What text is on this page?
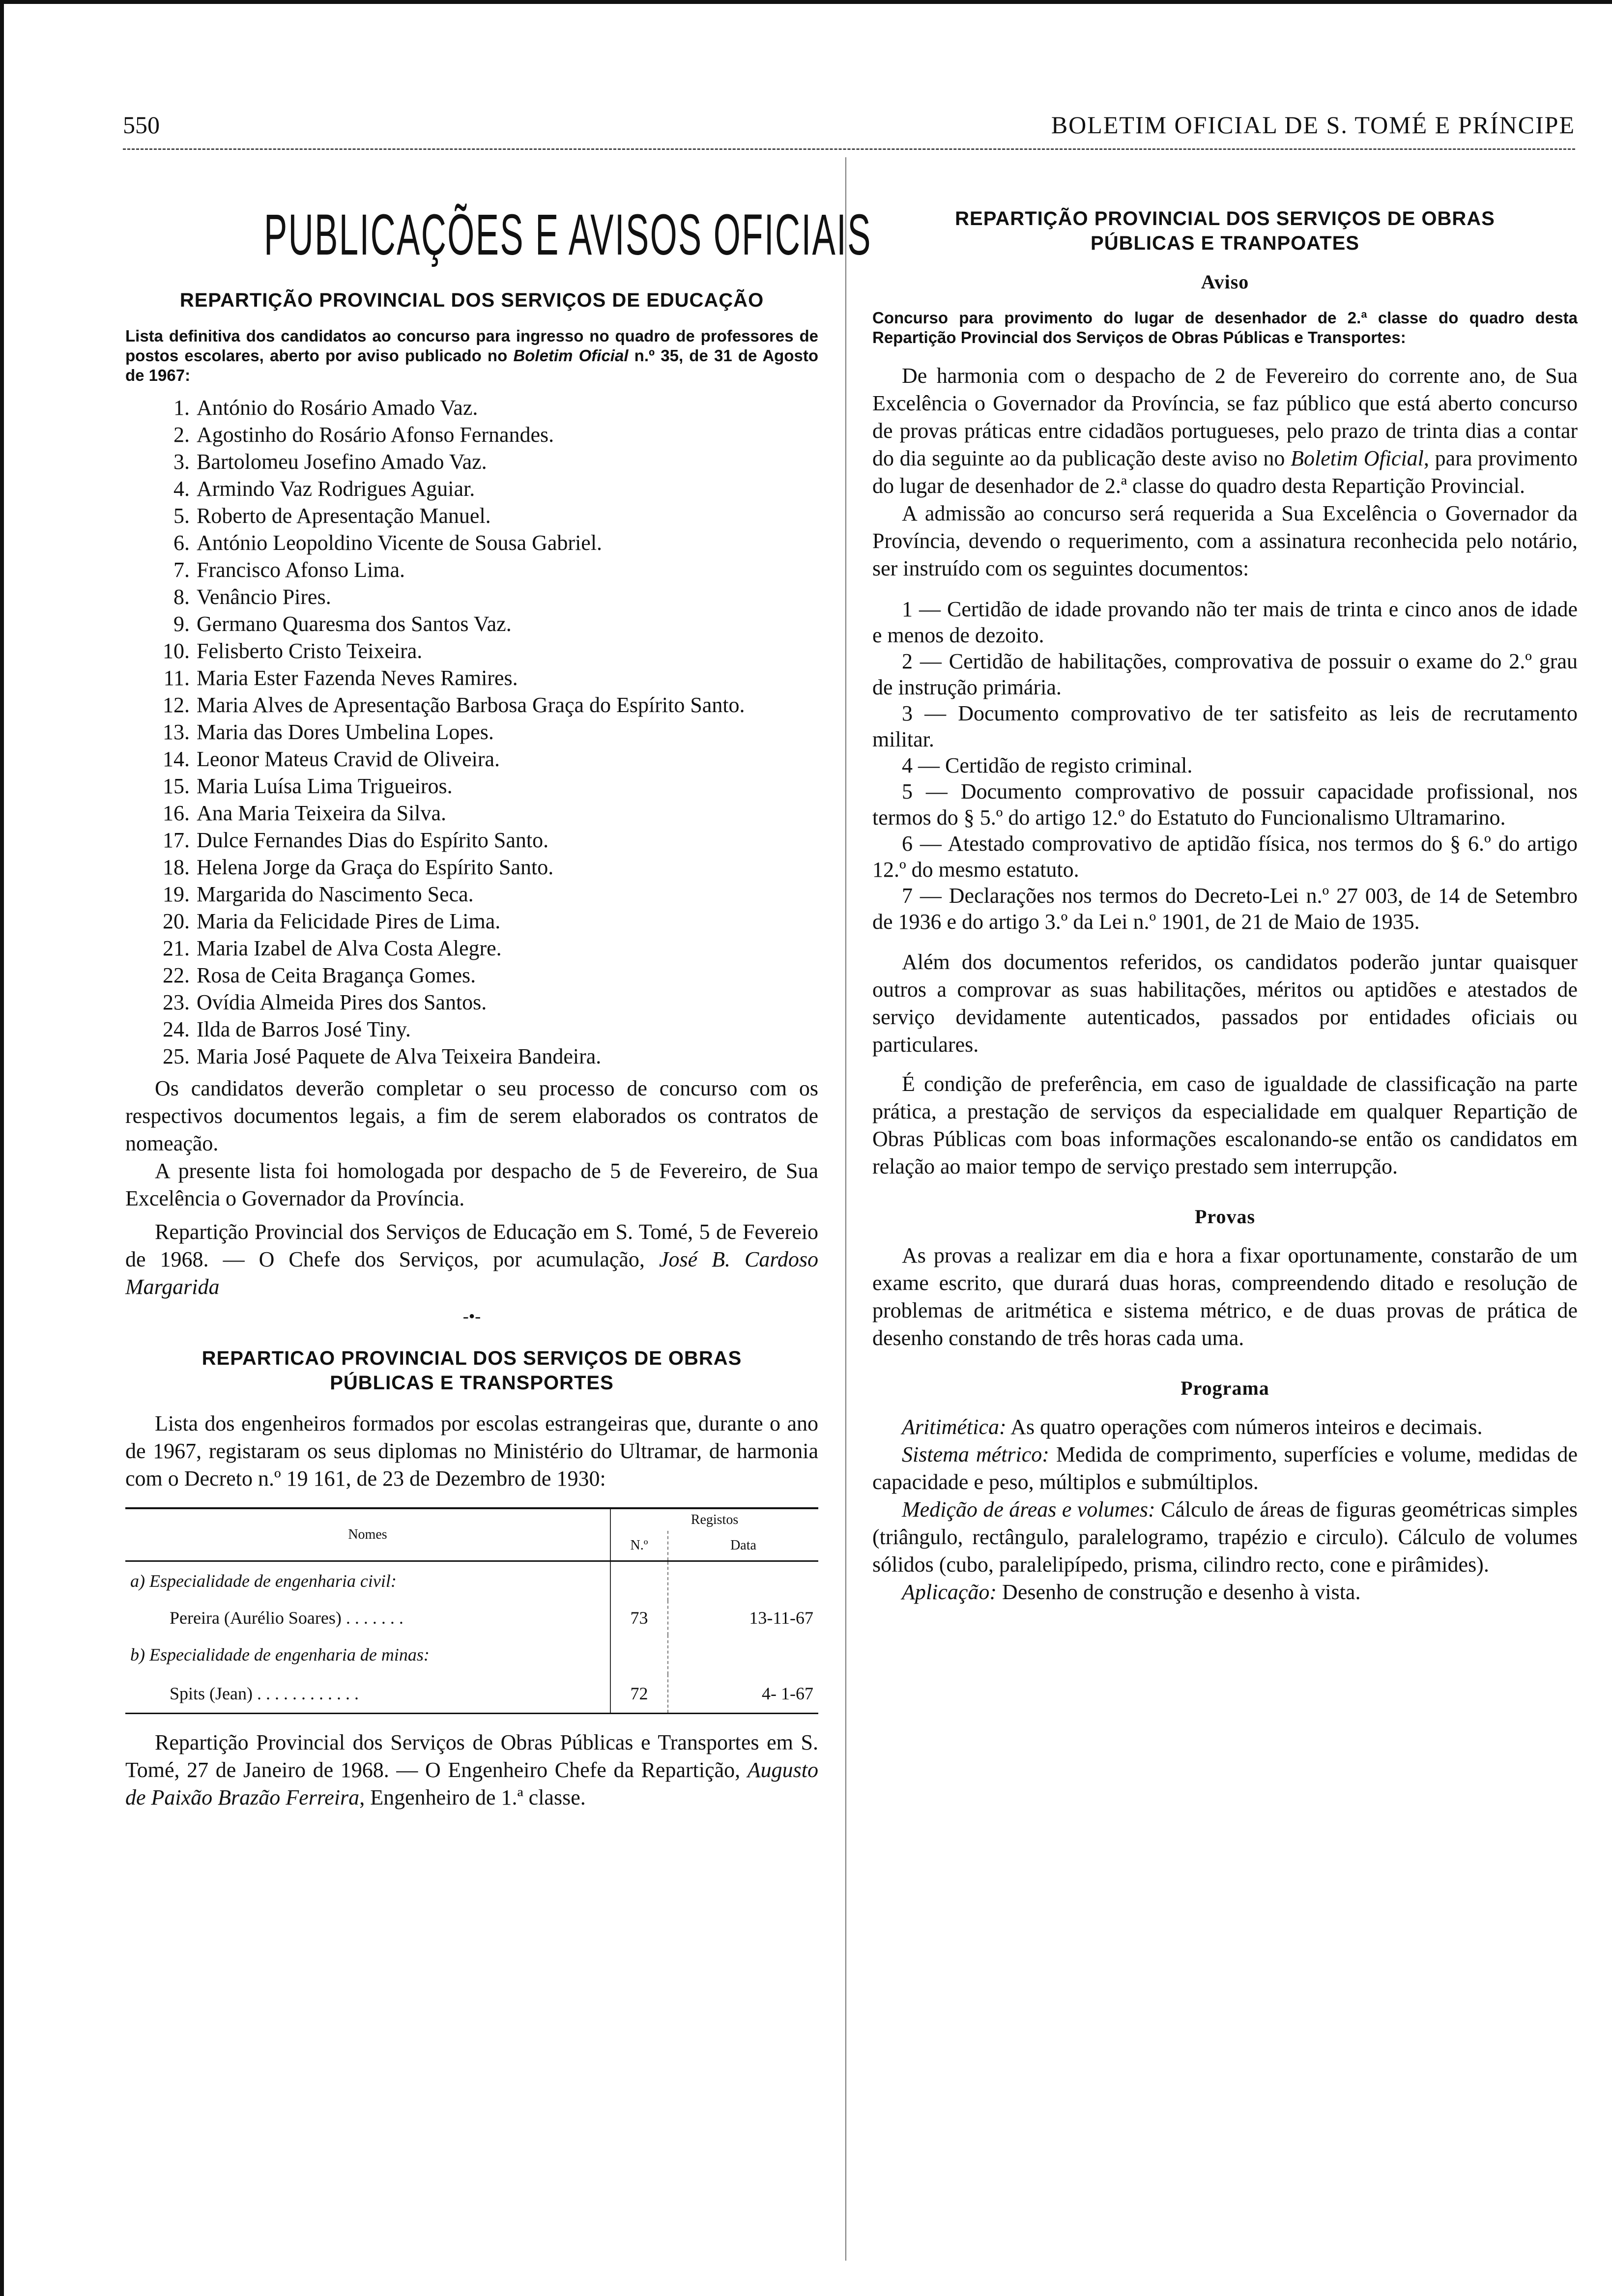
550	BOLETIM OFICIAL DE S. TOMÉ E PRÍNCIPE
PUBLICAÇÕES E AVISOS OFICIAIS
REPARTIÇÃO PROVINCIAL DOS SERVIÇOS DE EDUCAÇÃO

Lista definitiva dos candidatos ao concurso para ingresso no quadro de professores de postos escolares, aberto por aviso publicado no Boletim Oficial n.º 35, de 31 de Agosto de 1967:

1. António do Rosário Amado Vaz.
2. Agostinho do Rosário Afonso Fernandes.
3. Bartolomeu Josefino Amado Vaz.
4. Armindo Vaz Rodrigues Aguiar.
5. Roberto de Apresentação Manuel.
6. António Leopoldino Vicente de Sousa Gabriel.
7. Francisco Afonso Lima.
8. Venâncio Pires.
9. Germano Quaresma dos Santos Vaz.
10. Felisberto Cristo Teixeira.
11. Maria Ester Fazenda Neves Ramires.
12. Maria Alves de Apresentação Barbosa Graça do Espírito Santo.
13. Maria das Dores Umbelina Lopes.
14. Leonor Mateus Cravid de Oliveira.
15. Maria Luísa Lima Trigueiros.
16. Ana Maria Teixeira da Silva.
17. Dulce Fernandes Dias do Espírito Santo.
18. Helena Jorge da Graça do Espírito Santo.
19. Margarida do Nascimento Seca.
20. Maria da Felicidade Pires de Lima.
21. Maria Izabel de Alva Costa Alegre.
22. Rosa de Ceita Bragança Gomes.
23. Ovídia Almeida Pires dos Santos.
24. Ilda de Barros José Tiny.
25. Maria José Paquete de Alva Teixeira Bandeira.

Os candidatos deverão completar o seu processo de concurso com os respectivos documentos legais, a fim de serem elaborados os contratos de nomeação.

A presente lista foi homologada por despacho de 5 de Fevereiro, de Sua Excelência o Governador da Província.

Repartição Provincial dos Serviços de Educação em S. Tomé, 5 de Fevereio de 1968. — O Chefe dos Serviços, por acumulação, José B. Cardoso Margarida

-•-
REPARTICAO PROVINCIAL DOS SERVIÇOS DE OBRAS
PÚBLICAS E TRANSPORTES

Lista dos engenheiros formados por escolas estrangeiras que, durante o ano de 1967, registaram os seus diplomas no Ministério do Ultramar, de harmonia com o Decreto n.º 19 161, de 23 de Dezembro de 1930:

Nomes	Registos	
	N.º	Data
a) Especialidade de engenharia civil:		
Pereira (Aurélio Soares) . . . . . . .	73	13-11-67
b) Especialidade de engenharia de minas:		
Spits (Jean) . . . . . . . . . . . .	72	4- 1-67

Repartição Provincial dos Serviços de Obras Públicas e Transportes em S. Tomé, 27 de Janeiro de 1968. — O Engenheiro Chefe da Repartição, Augusto de Paixão Brazão Ferreira, Engenheiro de 1.ª classe.

REPARTIÇÃO PROVINCIAL DOS SERVIÇOS DE OBRAS
PÚBLICAS E TRANPOATES
Aviso

Concurso para provimento do lugar de desenhador de 2.ª classe do quadro desta Repartição Provincial dos Serviços de Obras Públicas e Transportes:

De harmonia com o despacho de 2 de Fevereiro do corrente ano, de Sua Excelência o Governador da Província, se faz público que está aberto concurso de provas práticas entre cidadãos portugueses, pelo prazo de trinta dias a contar do dia seguinte ao da publicação deste aviso no Boletim Oficial, para provimento do lugar de desenhador de 2.ª classe do quadro desta Repartição Provincial.

A admissão ao concurso será requerida a Sua Excelência o Governador da Província, devendo o requerimento, com a assinatura reconhecida pelo notário, ser instruído com os seguintes documentos:

1 — Certidão de idade provando não ter mais de trinta e cinco anos de idade e menos de dezoito.

2 — Certidão de habilitações, comprovativa de possuir o exame do 2.º grau de instrução primária.

3 — Documento comprovativo de ter satisfeito as leis de recrutamento militar.

4 — Certidão de registo criminal.

5 — Documento comprovativo de possuir capacidade profissional, nos termos do § 5.º do artigo 12.º do Estatuto do Funcionalismo Ultramarino.

6 — Atestado comprovativo de aptidão física, nos termos do § 6.º do artigo 12.º do mesmo estatuto.

7 — Declarações nos termos do Decreto-Lei n.º 27 003, de 14 de Setembro de 1936 e do artigo 3.º da Lei n.º 1901, de 21 de Maio de 1935.

Além dos documentos referidos, os candidatos poderão juntar quaisquer outros a comprovar as suas habilitações, méritos ou aptidões e atestados de serviço devidamente autenticados, passados por entidades oficiais ou particulares.

É condição de preferência, em caso de igualdade de classificação na parte prática, a prestação de serviços da especialidade em qualquer Repartição de Obras Públicas com boas informações escalonando-se então os candidatos em relação ao maior tempo de serviço prestado sem interrupção.

Provas

As provas a realizar em dia e hora a fixar oportunamente, constarão de um exame escrito, que durará duas horas, compreendendo ditado e resolução de problemas de aritmética e sistema métrico, e de duas provas de prática de desenho constando de três horas cada uma.

Programa

Aritimética: As quatro operações com números inteiros e decimais.

Sistema métrico: Medida de comprimento, superfícies e volume, medidas de capacidade e peso, múltiplos e submúltiplos.

Medição de áreas e volumes: Cálculo de áreas de figuras geométricas simples (triângulo, rectângulo, paralelogramo, trapézio e circulo). Cálculo de volumes sólidos (cubo, paralelipípedo, prisma, cilindro recto, cone e pirâmides).

Aplicação: Desenho de construção e desenho à vista.
